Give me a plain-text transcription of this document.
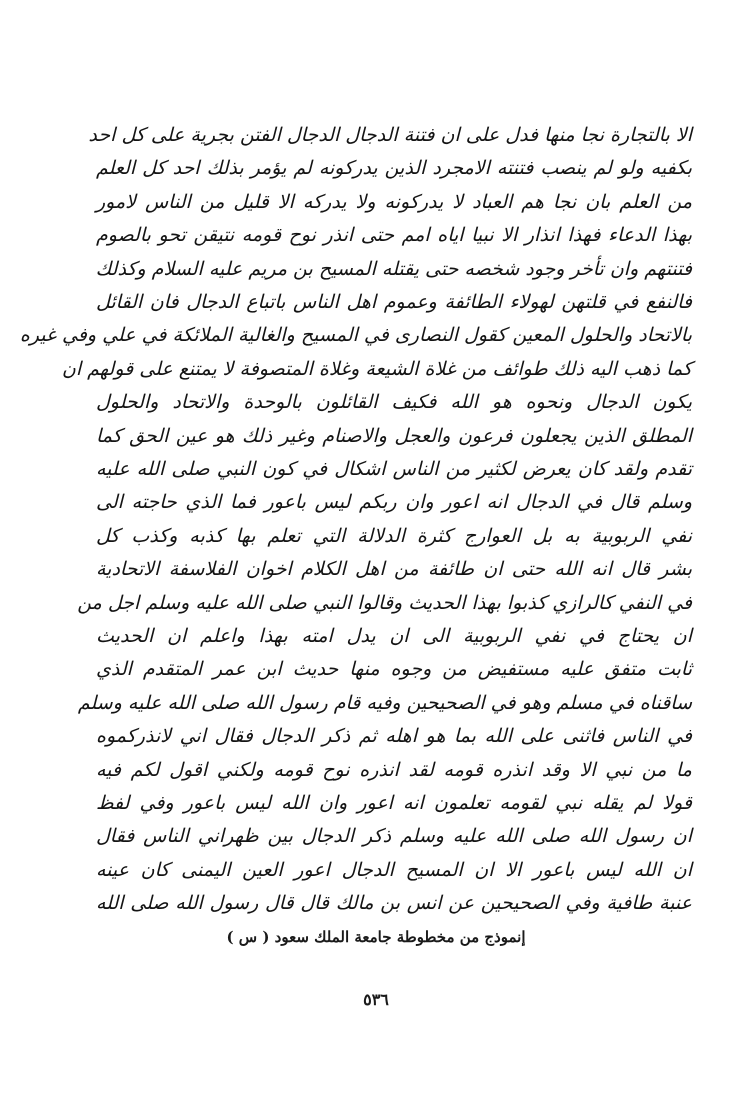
الا بالتجارة نجا منها فدل على ان فتنة الدجال الدجال الفتن بجرية على كل احد
بكفيه ولو لم ينصب فتنته الامجرد الذين يدركونه لم يؤمر بذلك احد كل العلم
من العلم بان نجا هم العباد لا يدركونه ولا يدركه الا قليل من الناس لامور
بهذا الدعاء فهذا انذار الا نبيا اياه امم حتى انذر نوح قومه نتيقن تحو بالصوم
فتنتهم وان تأخر وجود شخصه حتى يقتله المسيح بن مريم عليه السلام وكذلك
فالنفع في قلتهن لهولاء الطائفة وعموم اهل الناس باتباع الدجال فان القائل
بالاتحاد والحلول المعين كقول النصارى في المسيح والغالية الملائكة في علي وفي غيره
كما ذهب اليه ذلك طوائف من غلاة الشيعة وغلاة المتصوفة لا يمتنع على قولهم ان
يكون الدجال ونحوه هو الله فكيف القائلون بالوحدة والاتحاد والحلول
المطلق الذين يجعلون فرعون والعجل والاصنام وغير ذلك هو عين الحق كما
تقدم ولقد كان يعرض لكثير من الناس اشكال في كون النبي صلى الله عليه
وسلم قال في الدجال انه اعور وان ربكم ليس باعور فما الذي حاجته الى
نفي الربوبية به بل العوارج كثرة الدلالة التي تعلم بها كذبه وكذب كل
بشر قال انه الله حتى ان طائفة من اهل الكلام اخوان الفلاسفة الاتحادية
في النفي كالرازي كذبوا بهذا الحديث وقالوا النبي صلى الله عليه وسلم اجل من
ان يحتاج في نفي الربوبية الى ان يدل امته بهذا واعلم ان الحديث
ثابت متفق عليه مستفيض من وجوه منها حديث ابن عمر المتقدم الذي
ساقناه في مسلم وهو في الصحيحين وفيه قام رسول الله صلى الله عليه وسلم
في الناس فاثنى على الله بما هو اهله ثم ذكر الدجال فقال اني لانذركموه
ما من نبي الا وقد انذره قومه لقد انذره نوح قومه ولكني اقول لكم فيه
قولا لم يقله نبي لقومه تعلمون انه اعور وان الله ليس باعور وفي لفظ
ان رسول الله صلى الله عليه وسلم ذكر الدجال بين ظهراني الناس فقال
ان الله ليس باعور الا ان المسيح الدجال اعور العين اليمنى كان عينه
عنبة طافية وفي الصحيحين عن انس بن مالك قال قال رسول الله صلى الله
إنموذج من مخطوطة جامعة الملك سعود ( س )
٥٣٦
